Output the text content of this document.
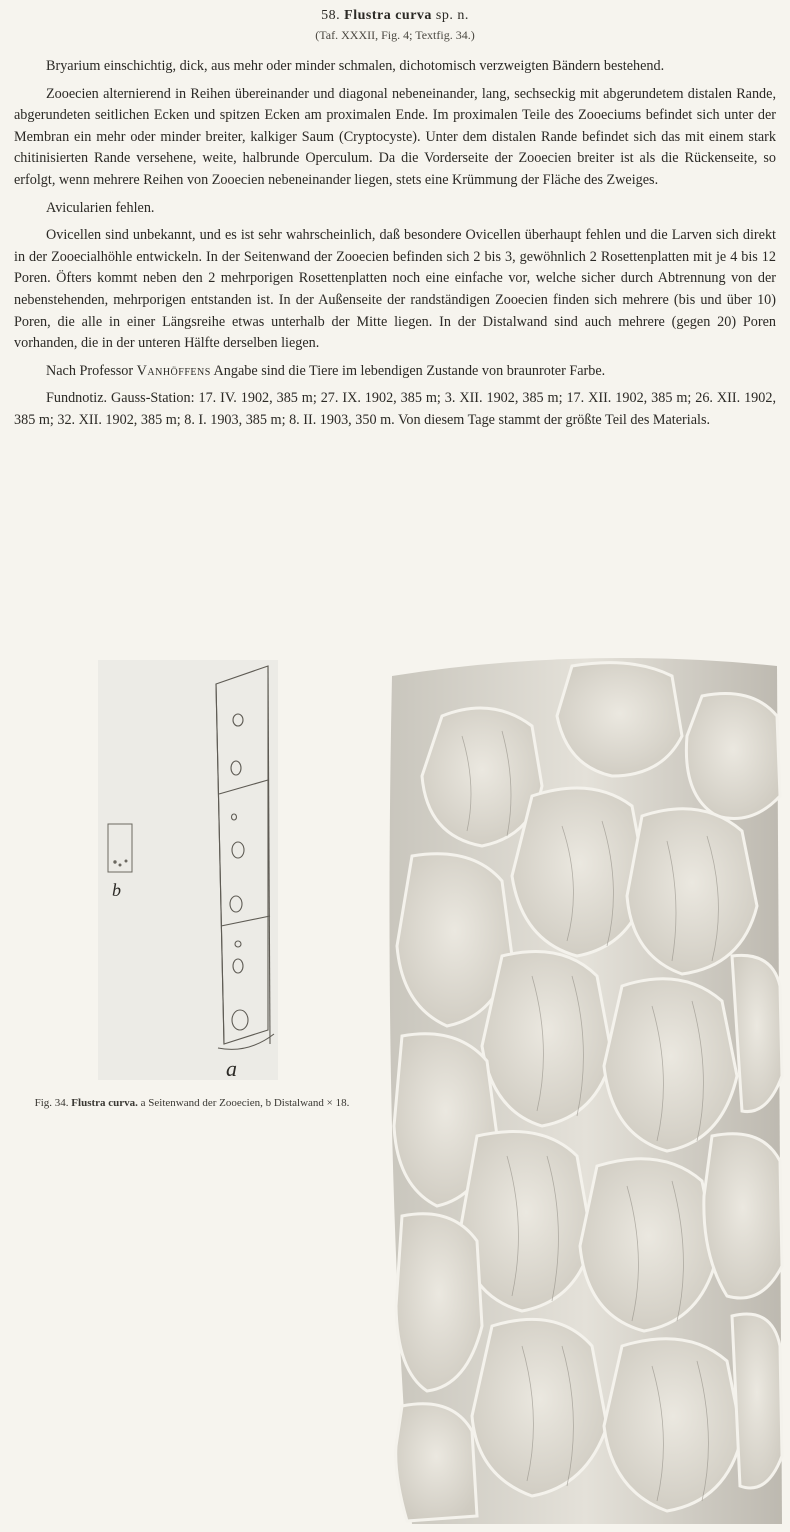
58. Flustra curva sp. n.
(Taf. XXXII, Fig. 4; Textfig. 34.)

Bryarium einschichtig, dick, aus mehr oder minder schmalen, dichotomisch verzweigten Bändern bestehend.

Zooecien alternierend in Reihen übereinander und diagonal nebeneinander, lang, sechseckig mit abgerundetem distalen Rande, abgerundeten seitlichen Ecken und spitzen Ecken am proximalen Ende. Im proximalen Teile des Zooeciums befindet sich unter der Membran ein mehr oder minder breiter, kalkiger Saum (Cryptocyste). Unter dem distalen Rande befindet sich das mit einem stark chitinisierten Rande versehene, weite, halbrunde Operculum. Da die Vorderseite der Zooecien breiter ist als die Rückenseite, so erfolgt, wenn mehrere Reihen von Zooecien nebeneinander liegen, stets eine Krümmung der Fläche des Zweiges.

Avicularien fehlen.

Ovicellen sind unbekannt, und es ist sehr wahrscheinlich, daß besondere Ovicellen überhaupt fehlen und die Larven sich direkt in der Zooecialhöhle entwickeln. In der Seitenwand der Zooecien befinden sich 2 bis 3, gewöhnlich 2 Rosettenplatten mit je 4 bis 12 Poren. Öfters kommt neben den 2 mehrporigen Rosettenplatten noch eine einfache vor, welche sicher durch Abtrennung von der nebenstehenden, mehrporigen entstanden ist. In der Außenseite der randständigen Zooecien finden sich mehrere (bis und über 10) Poren, die alle in einer Längsreihe etwas unterhalb der Mitte liegen. In der Distalwand sind auch mehrere (gegen 20) Poren vorhanden, die in der unteren Hälfte derselben liegen.

Nach Professor Vanhöffens Angabe sind die Tiere im lebendigen Zustande von braunroter Farbe.

Fundnotiz. Gauss-Station: 17. IV. 1902, 385 m; 27. IX. 1902, 385 m; 3. XII. 1902, 385 m; 17. XII. 1902, 385 m; 26. XII. 1902, 385 m; 32. XII. 1902, 385 m; 8. I. 1903, 385 m; 8. II. 1903, 350 m. Von diesem Tage stammt der größte Teil des Materials.

a
b
Fig. 34. Flustra curva. a Seitenwand der Zooecien, b Distalwand × 18.
